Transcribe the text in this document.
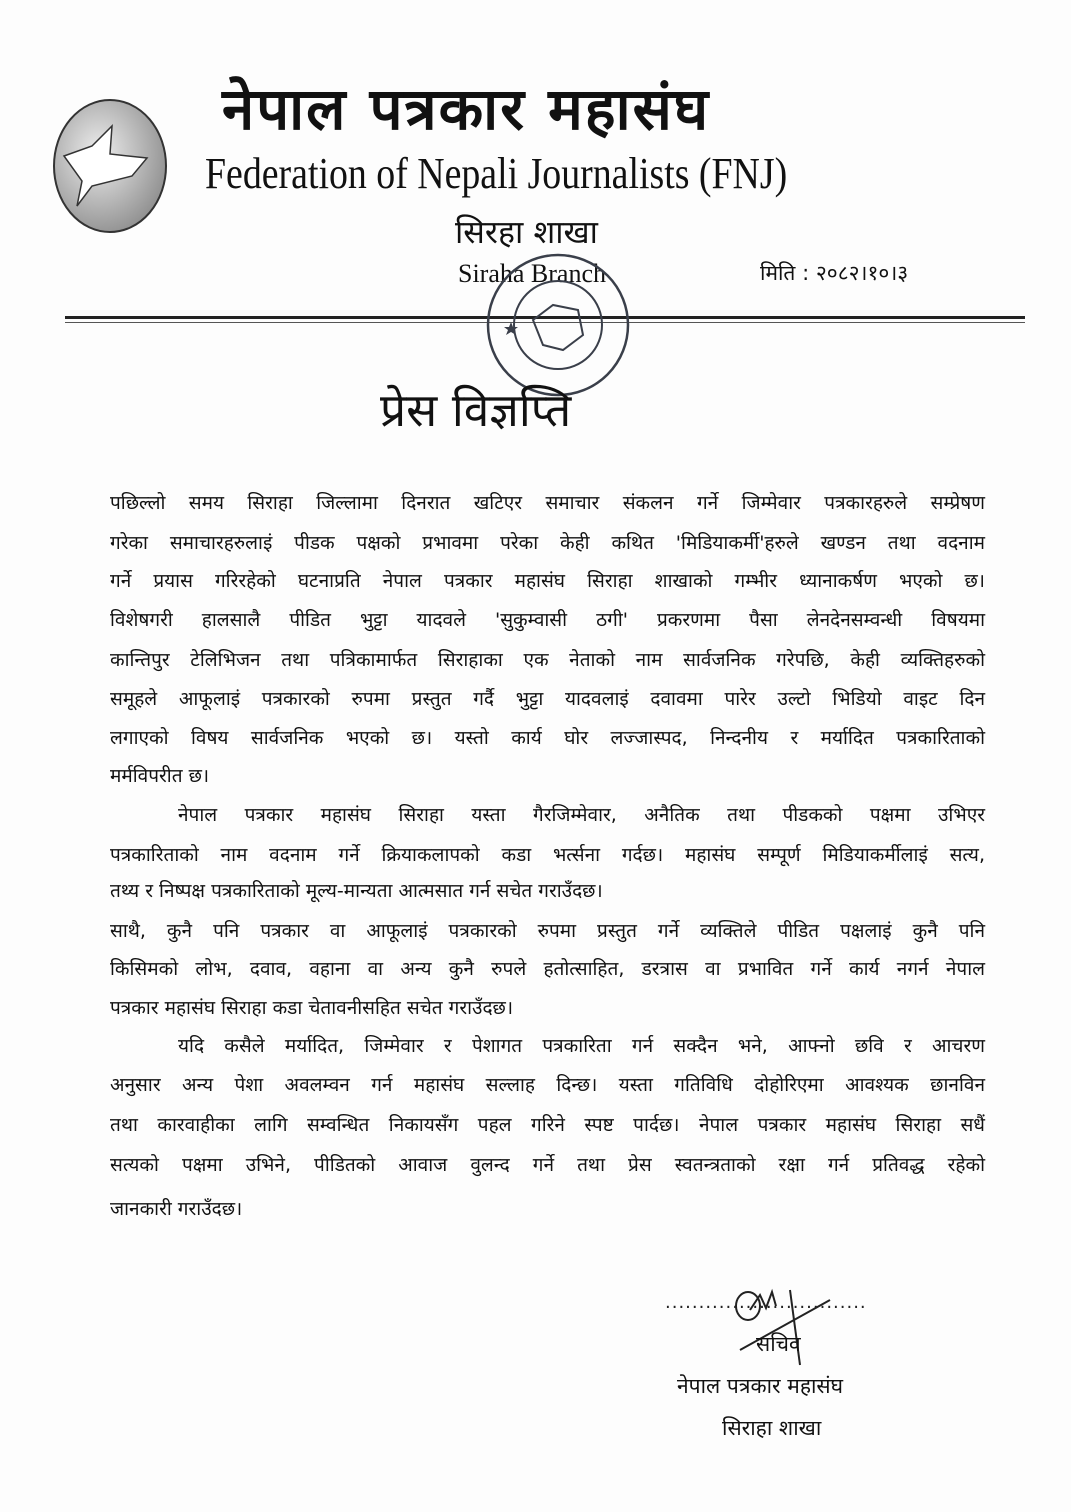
नेपाल पत्रकार महासंघ
Federation of Nepali Journalists (FNJ)
सिरहा शाखा
Siraha Branch	मिति : २०८२।१०।३
प्रेस विज्ञप्ति
पछिल्लो समय सिराहा जिल्लामा दिनरात खटिएर समाचार संकलन गर्ने जिम्मेवार पत्रकारहरुले सम्प्रेषण
गरेका समाचारहरुलाइं पीडक पक्षको प्रभावमा परेका केही कथित 'मिडियाकर्मी'हरुले खण्डन तथा वदनाम
गर्ने प्रयास गरिरहेको घटनाप्रति नेपाल पत्रकार महासंघ सिराहा शाखाको गम्भीर ध्यानाकर्षण भएको छ।
विशेषगरी हालसालै पीडित भुट्टा यादवले 'सुकुम्वासी ठगी' प्रकरणमा पैसा लेनदेनसम्वन्धी विषयमा
कान्तिपुर टेलिभिजन तथा पत्रिकामार्फत सिराहाका एक नेताको नाम सार्वजनिक गरेपछि, केही व्यक्तिहरुको
समूहले आफूलाइं पत्रकारको रुपमा प्रस्तुत गर्दै भुट्टा यादवलाइं दवावमा पारेर उल्टो भिडियो वाइट दिन
लगाएको विषय सार्वजनिक भएको छ। यस्तो कार्य घोर लज्जास्पद, निन्दनीय र मर्यादित पत्रकारिताको
मर्मविपरीत छ।
नेपाल पत्रकार महासंघ सिराहा यस्ता गैरजिम्मेवार, अनैतिक तथा पीडकको पक्षमा उभिएर
पत्रकारिताको नाम वदनाम गर्ने क्रियाकलापको कडा भर्त्सना गर्दछ। महासंघ सम्पूर्ण मिडियाकर्मीलाइं सत्य,
तथ्य र निष्पक्ष पत्रकारिताको मूल्य-मान्यता आत्मसात गर्न सचेत गराउँदछ।
साथै, कुनै पनि पत्रकार वा आफूलाइं पत्रकारको रुपमा प्रस्तुत गर्ने व्यक्तिले पीडित पक्षलाइं कुनै पनि
किसिमको लोभ, दवाव, वहाना वा अन्य कुनै रुपले हतोत्साहित, डरत्रास वा प्रभावित गर्ने कार्य नगर्न नेपाल
पत्रकार महासंघ सिराहा कडा चेतावनीसहित सचेत गराउँदछ।
यदि कसैले मर्यादित, जिम्मेवार र पेशागत पत्रकारिता गर्न सक्दैन भने, आफ्नो छवि र आचरण
अनुसार अन्य पेशा अवलम्वन गर्न महासंघ सल्लाह दिन्छ। यस्ता गतिविधि दोहोरिएमा आवश्यक छानविन
तथा कारवाहीका लागि सम्वन्धित निकायसँग पहल गरिने स्पष्ट पार्दछ। नेपाल पत्रकार महासंघ सिराहा सधैं
सत्यको पक्षमा उभिने, पीडितको आवाज वुलन्द गर्ने तथा प्रेस स्वतन्त्रताको रक्षा गर्न प्रतिवद्ध रहेको
जानकारी गराउँदछ।
..............................
सचिव
नेपाल पत्रकार महासंघ
सिराहा शाखा
